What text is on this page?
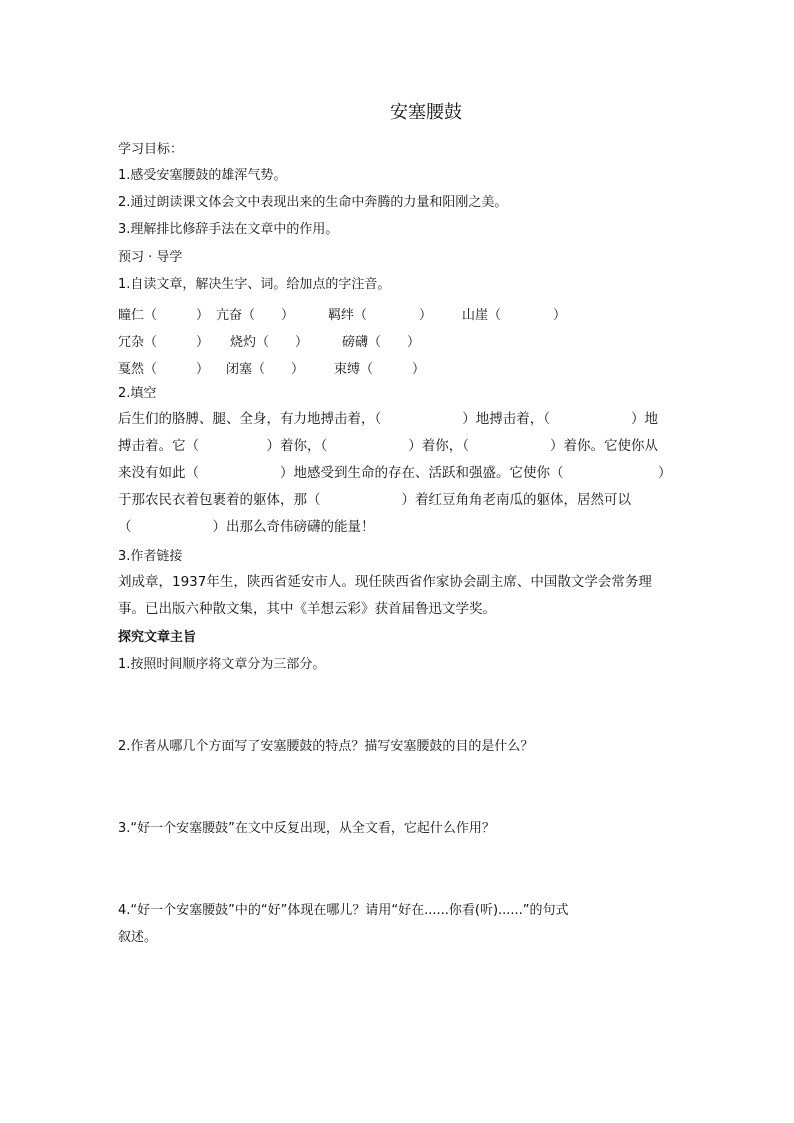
安塞腰鼓
学习目标：
1.感受安塞腰鼓的雄浑气势。
2.通过朗读课文体会文中表现出来的生命中奔腾的力量和阳刚之美。
3.理解排比修辞手法在文章中的作用。
预习 · 导学
1.自读文章，解决生字、词。给加点的字注音。
瞳仁（　　　） 亢奋（　　）	羁绊（　　　　） 山崖（　　　　）
冗杂（　　　） 烧灼（　　）	磅礴（　　）
戛然（　　　） 闭塞（　　） 束缚（　　　）
2.填空
后生们的胳膊、腿、全身，有力地搏击着，（　　　　　　）地搏击着，（　　　　　　）地
搏击着。它（　　　　　）着你，（　　　　　　）着你，（　　　　　　）着你。它使你从
来没有如此（　　　　　　）地感受到生命的存在、活跃和强盛。它使你（　　　　　　　）
于那农民衣着包裹着的躯体，那（　　　　　　）着红豆角角老南瓜的躯体，居然可以
（　　　　　　）出那么奇伟磅礴的能量！
3.作者链接
刘成章，1937年生，陕西省延安市人。现任陕西省作家协会副主席、中国散文学会常务理
事。已出版六种散文集，其中《羊想云彩》获首届鲁迅文学奖。
探究文章主旨
1.按照时间顺序将文章分为三部分。
2.作者从哪几个方面写了安塞腰鼓的特点？描写安塞腰鼓的目的是什么？
3.“好一个安塞腰鼓”在文中反复出现，从全文看，它起什么作用？
4.“好一个安塞腰鼓”中的“好”体现在哪儿？请用“好在......你看(听)......”的句式
叙述。
